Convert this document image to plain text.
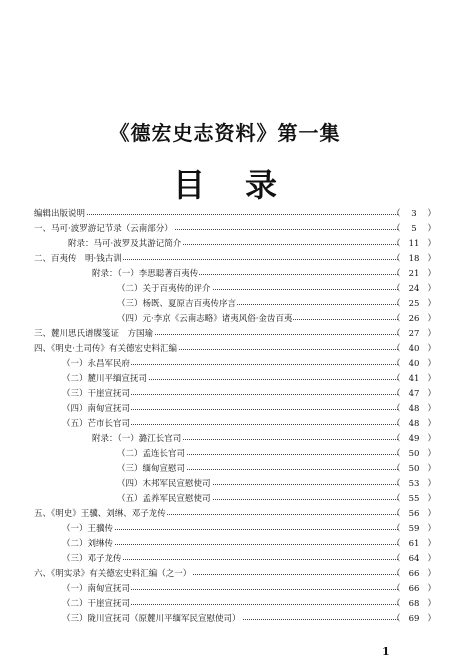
《德宏史志资料》第一集
目录
编辑出版说明	（	3	）
一、马可·波罗游记节录（云南部分）	（	5	）
附录：马可·波罗及其游记简介	（ 11 ）
二、百夷传　明·钱古训	（ 18 ）
附录：（一）李思聪著百夷传	（ 21 ）
（二）关于百夷传的评介	（ 24 ）
（三）杨既、夏原吉百夷传序言	（ 25 ）
（四）元·李京《云南志略》诸夷风俗·金齿百夷	（ 26 ）
三、麓川思氏谱牒笺证　方国瑜	（ 27 ）
四、《明史·土司传》有关德宏史料汇编	（ 40 ）
（一）永昌军民府	（ 40 ）
（二）麓川平缅宣抚司	（ 41 ）
（三）干崖宣抚司	（ 47 ）
（四）南甸宣抚司	（ 48 ）
（五）芒市长官司	（ 48 ）
附录：（一）潞江长官司	（ 49 ）
（二）孟连长官司	（ 50 ）
（三）缅甸宣慰司	（ 50 ）
（四）木邦军民宣慰使司	（ 53 ）
（五）孟养军民宣慰使司	（ 55 ）
五、《明史》王骥、刘𬘭、邓子龙传	（ 56 ）
（一）王骥传	（ 59 ）
（二）刘𬘭传	（ 61 ）
（三）邓子龙传	（ 64 ）
六、《明实录》有关德宏史料汇编（之一）	（ 66 ）
（一）南甸宣抚司	（ 66 ）
（二）干崖宣抚司	（ 68 ）
（三）陇川宣抚司（原麓川平缅军民宣慰使司）	（ 69 ）
1
